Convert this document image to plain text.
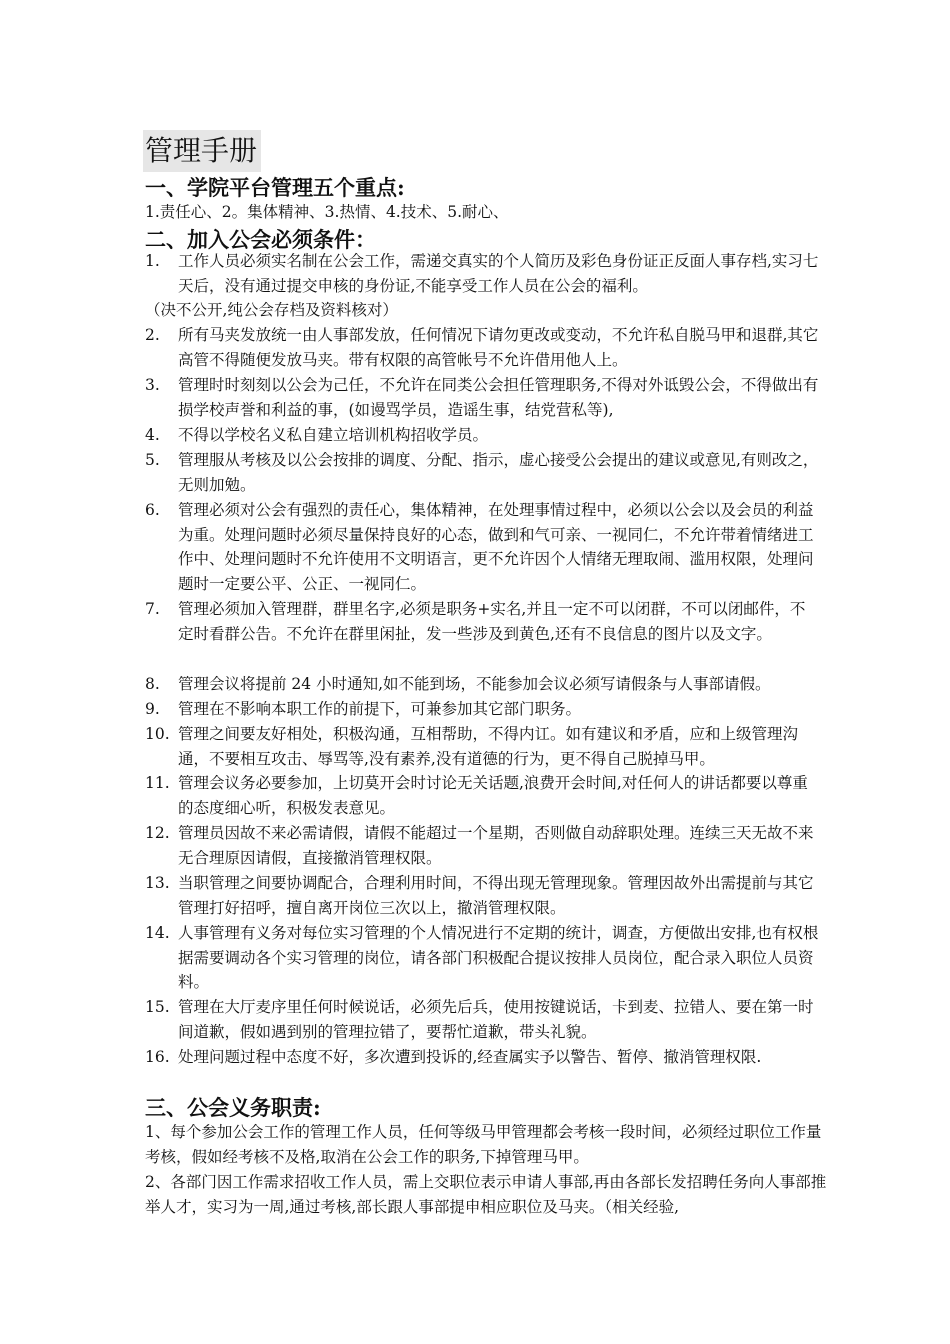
管理手册
一、学院平台管理五个重点:
1.责任心、2。集体精神、3.热情、4.技术、5.耐心、
二、加入公会必须条件：
1. 工作人员必须实名制在公会工作，需递交真实的个人简历及彩色身份证正反面人事存档,实习七天后，没有通过提交申核的身份证,不能享受工作人员在公会的福利。
（决不公开,纯公会存档及资料核对）
2. 所有马夹发放统一由人事部发放，任何情况下请勿更改或变动，不允许私自脱马甲和退群,其它高管不得随便发放马夹。带有权限的高管帐号不允许借用他人上。
3. 管理时时刻刻以公会为己任，不允许在同类公会担任管理职务,不得对外诋毁公会，不得做出有损学校声誉和利益的事，(如谩骂学员，造谣生事，结党营私等),
4. 不得以学校名义私自建立培训机构招收学员。
5. 管理服从考核及以公会按排的调度、分配、指示，虚心接受公会提出的建议或意见,有则改之，无则加勉。
6. 管理必须对公会有强烈的责任心，集体精神，在处理事情过程中，必须以公会以及会员的利益为重。处理问题时必须尽量保持良好的心态，做到和气可亲、一视同仁，不允许带着情绪进工作中、处理问题时不允许使用不文明语言，更不允许因个人情绪无理取闹、滥用权限，处理问题时一定要公平、公正、一视同仁。
7. 管理必须加入管理群，群里名字,必须是职务+实名,并且一定不可以闭群，不可以闭邮件，不定时看群公告。不允许在群里闲扯，发一些涉及到黄色,还有不良信息的图片以及文字。
8. 管理会议将提前 24 小时通知,如不能到场，不能参加会议必须写请假条与人事部请假。
9. 管理在不影响本职工作的前提下，可兼参加其它部门职务。
10. 管理之间要友好相处，积极沟通，互相帮助，不得内讧。如有建议和矛盾，应和上级管理沟通，不要相互攻击、辱骂等,没有素养,没有道德的行为，更不得自己脱掉马甲。
11. 管理会议务必要参加，上切莫开会时讨论无关话题,浪费开会时间,对任何人的讲话都要以尊重的态度细心听，积极发表意见。
12. 管理员因故不来必需请假，请假不能超过一个星期，否则做自动辞职处理。连续三天无故不来无合理原因请假，直接撤消管理权限。
13. 当职管理之间要协调配合，合理利用时间，不得出现无管理现象。管理因故外出需提前与其它管理打好招呼，擅自离开岗位三次以上，撤消管理权限。
14. 人事管理有义务对每位实习管理的个人情况进行不定期的统计，调查，方便做出安排,也有权根据需要调动各个实习管理的岗位，请各部门积极配合提议按排人员岗位，配合录入职位人员资料。
15. 管理在大厅麦序里任何时候说话，必须先后兵，使用按键说话，卡到麦、拉错人、要在第一时间道歉，假如遇到别的管理拉错了，要帮忙道歉，带头礼貌。
16. 处理问题过程中态度不好，多次遭到投诉的,经查属实予以警告、暂停、撤消管理权限.
三、公会义务职责:
1、每个参加公会工作的管理工作人员，任何等级马甲管理都会考核一段时间，必须经过职位工作量考核，假如经考核不及格,取消在公会工作的职务,下掉管理马甲。
2、各部门因工作需求招收工作人员，需上交职位表示申请人事部,再由各部长发招聘任务向人事部推举人才，实习为一周,通过考核,部长跟人事部提申相应职位及马夹。（相关经验,
